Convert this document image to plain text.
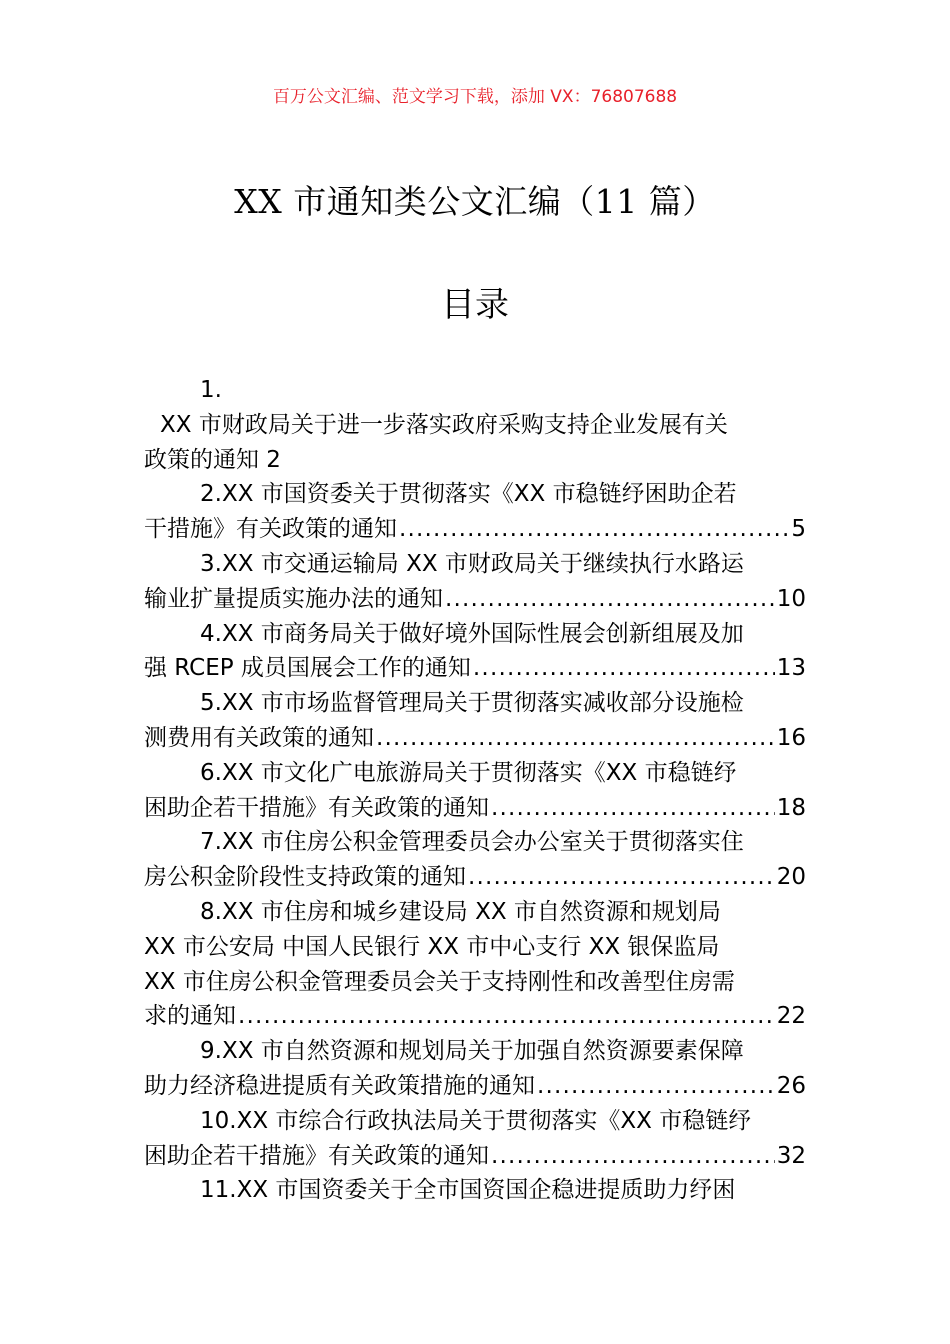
百万公文汇编、范文学习下载，添加 VX：76807688
XX 市通知类公文汇编（11 篇）
目录
1.
XX 市财政局关于进一步落实政府采购支持企业发展有关
政策的通知 2
2.XX 市国资委关于贯彻落实《XX 市稳链纾困助企若
干措施》有关政策的通知 .....	5
3.XX 市交通运输局 XX 市财政局关于继续执行水路运
输业扩量提质实施办法的通知 .....	10
4.XX 市商务局关于做好境外国际性展会创新组展及加
强 RCEP 成员国展会工作的通知 .....	13
5.XX 市市场监督管理局关于贯彻落实减收部分设施检
测费用有关政策的通知 .....	16
6.XX 市文化广电旅游局关于贯彻落实《XX 市稳链纾
困助企若干措施》有关政策的通知 .....	18
7.XX 市住房公积金管理委员会办公室关于贯彻落实住
房公积金阶段性支持政策的通知 .....	20
8.XX 市住房和城乡建设局 XX 市自然资源和规划局
XX 市公安局 中国人民银行 XX 市中心支行 XX 银保监局
XX 市住房公积金管理委员会关于支持刚性和改善型住房需
求的通知 .....	22
9.XX 市自然资源和规划局关于加强自然资源要素保障
助力经济稳进提质有关政策措施的通知 .....	26
10.XX 市综合行政执法局关于贯彻落实《XX 市稳链纾
困助企若干措施》有关政策的通知 .....	32
11.XX 市国资委关于全市国资国企稳进提质助力纾困
